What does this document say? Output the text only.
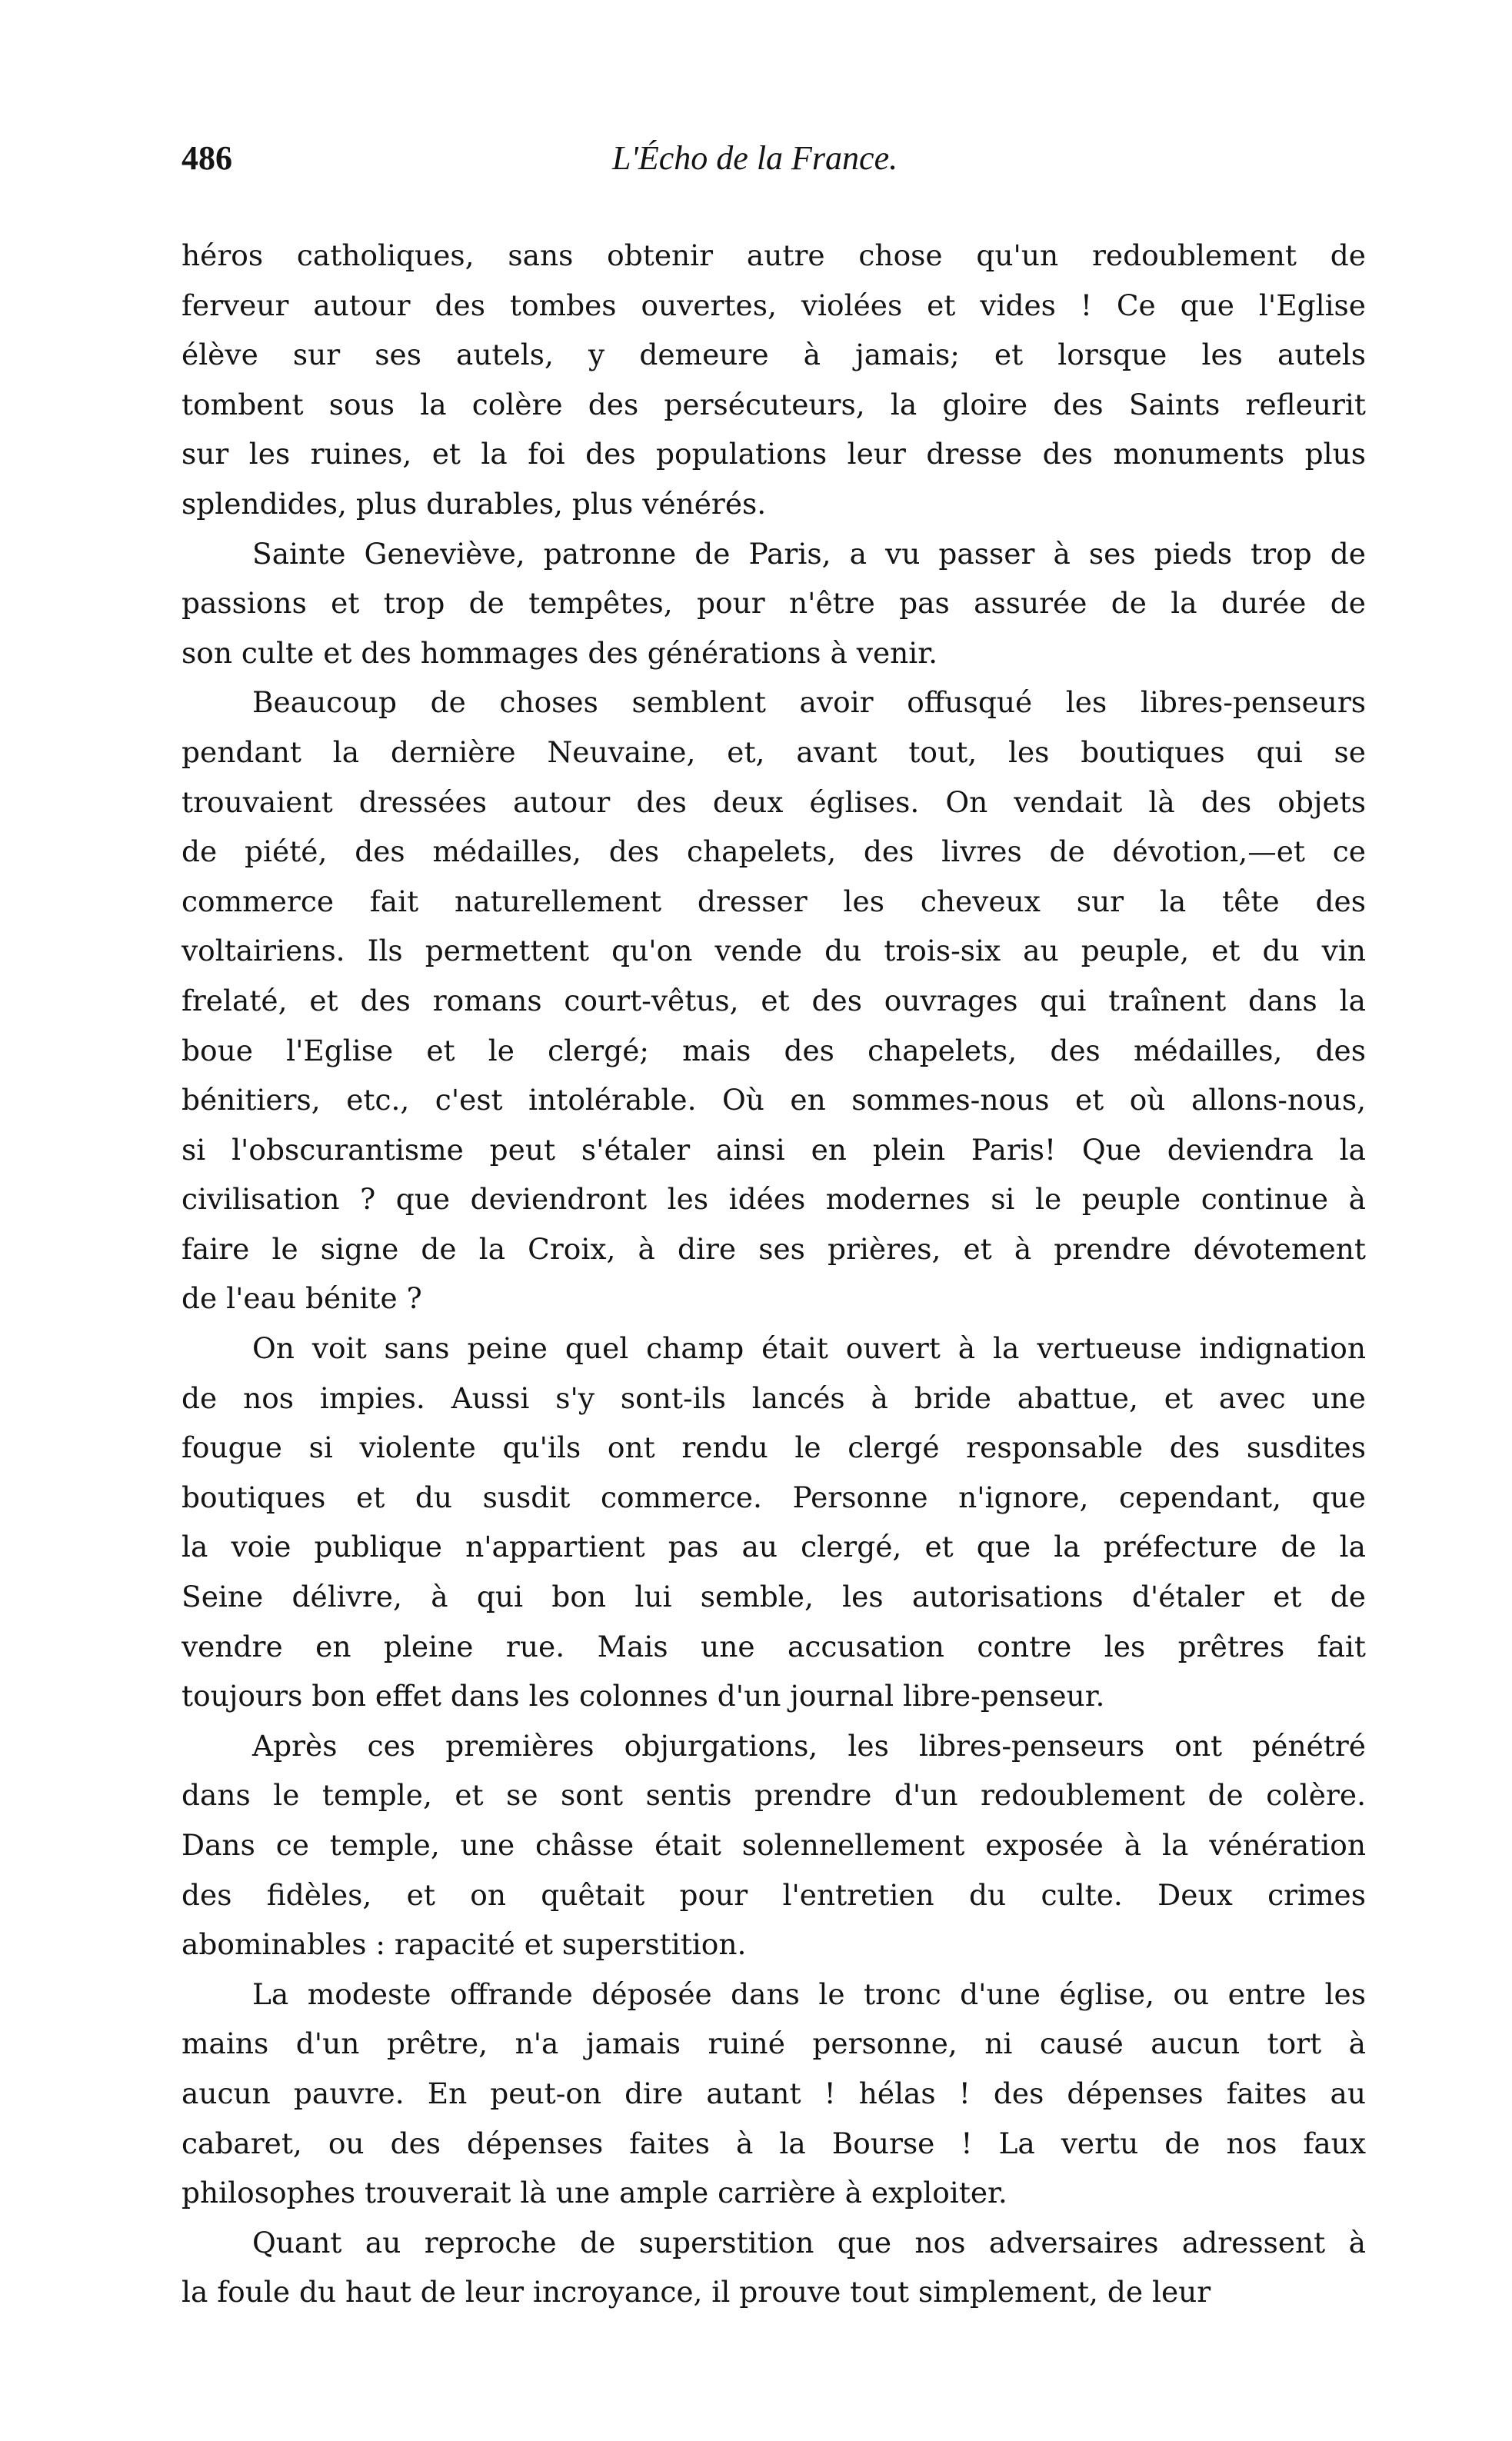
486	L'Écho de la France.
héros catholiques, sans obtenir autre chose qu'un redoublement de
ferveur autour des tombes ouvertes, violées et vides ! Ce que l'Eglise
élève sur ses autels, y demeure à jamais; et lorsque les autels
tombent sous la colère des persécuteurs, la gloire des Saints refleurit
sur les ruines, et la foi des populations leur dresse des monuments plus
splendides, plus durables, plus vénérés.
Sainte Geneviève, patronne de Paris, a vu passer à ses pieds trop de
passions et trop de tempêtes, pour n'être pas assurée de la durée de
son culte et des hommages des générations à venir.
Beaucoup de choses semblent avoir offusqué les libres-penseurs
pendant la dernière Neuvaine, et, avant tout, les boutiques qui se
trouvaient dressées autour des deux églises. On vendait là des objets
de piété, des médailles, des chapelets, des livres de dévotion,—et ce
commerce fait naturellement dresser les cheveux sur la tête des
voltairiens. Ils permettent qu'on vende du trois-six au peuple, et du vin
frelaté, et des romans court-vêtus, et des ouvrages qui traînent dans la
boue l'Eglise et le clergé; mais des chapelets, des médailles, des
bénitiers, etc., c'est intolérable. Où en sommes-nous et où allons-nous,
si l'obscurantisme peut s'étaler ainsi en plein Paris! Que deviendra la
civilisation ? que deviendront les idées modernes si le peuple continue à
faire le signe de la Croix, à dire ses prières, et à prendre dévotement
de l'eau bénite ?
On voit sans peine quel champ était ouvert à la vertueuse indignation
de nos impies. Aussi s'y sont-ils lancés à bride abattue, et avec une
fougue si violente qu'ils ont rendu le clergé responsable des susdites
boutiques et du susdit commerce. Personne n'ignore, cependant, que
la voie publique n'appartient pas au clergé, et que la préfecture de la
Seine délivre, à qui bon lui semble, les autorisations d'étaler et de
vendre en pleine rue. Mais une accusation contre les prêtres fait
toujours bon effet dans les colonnes d'un journal libre-penseur.
Après ces premières objurgations, les libres-penseurs ont pénétré
dans le temple, et se sont sentis prendre d'un redoublement de colère.
Dans ce temple, une châsse était solennellement exposée à la vénération
des fidèles, et on quêtait pour l'entretien du culte. Deux crimes
abominables : rapacité et superstition.
La modeste offrande déposée dans le tronc d'une église, ou entre les
mains d'un prêtre, n'a jamais ruiné personne, ni causé aucun tort à
aucun pauvre. En peut-on dire autant ! hélas ! des dépenses faites au
cabaret, ou des dépenses faites à la Bourse ! La vertu de nos faux
philosophes trouverait là une ample carrière à exploiter.
Quant au reproche de superstition que nos adversaires adressent à
la foule du haut de leur incroyance, il prouve tout simplement, de leur
